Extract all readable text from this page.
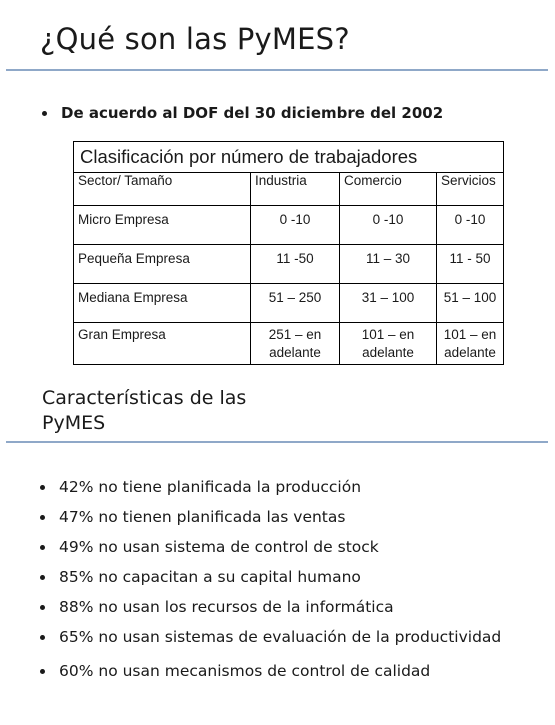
¿Qué son las PyMES?
De acuerdo al DOF del 30 diciembre del 2002
Clasificación por número de trabajadores			
Sector/ Tamaño	Industria	Comercio	Servicios
Micro Empresa	0 -10	0 -10	0 -10
Pequeña Empresa	11 -50	11 – 30	11 - 50
Mediana Empresa	51 – 250	31 – 100	51 – 100
Gran Empresa	251 – en adelante	101 – en adelante	101 – en adelante
Características de las PyMES
42% no tiene planificada la producción
47% no tienen planificada las ventas
49% no usan sistema de control de stock
85% no capacitan a su capital humano
88% no usan los recursos de la informática
65% no usan sistemas de evaluación de la productividad
60% no usan mecanismos de control de calidad
